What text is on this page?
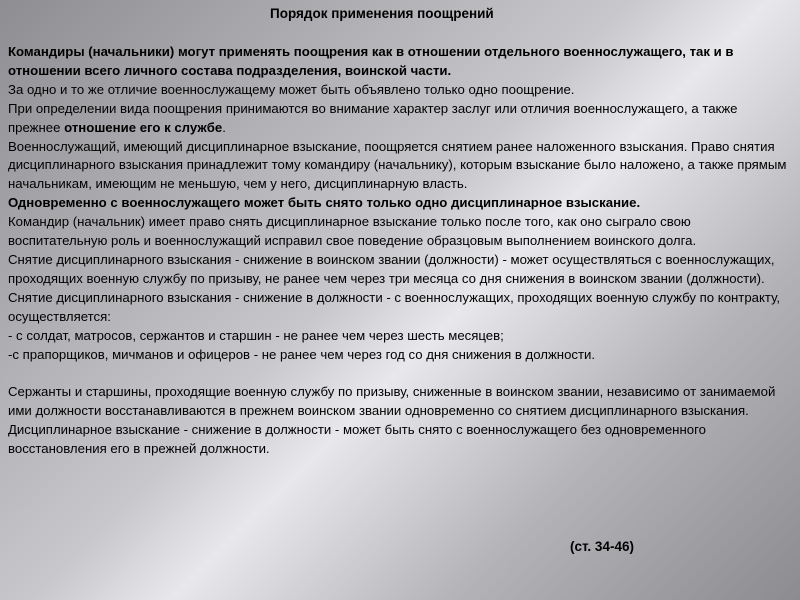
Порядок применения поощрений

Командиры (начальники) могут применять поощрения как в отношении отдельного военнослужащего, так и в отношении всего личного состава подразделения, воинской части.

За одно и то же отличие военнослужащему может быть объявлено только одно поощрение.

При определении вида поощрения принимаются во внимание характер заслуг или отличия военнослужащего, а также прежнее отношение его к службе.

Военнослужащий, имеющий дисциплинарное взыскание, поощряется снятием ранее наложенного взыскания. Право снятия дисциплинарного взыскания принадлежит тому командиру (начальнику), которым взыскание было наложено, а также прямым начальникам, имеющим не меньшую, чем у него, дисциплинарную власть.

Одновременно с военнослужащего может быть снято только одно дисциплинарное взыскание.

Командир (начальник) имеет право снять дисциплинарное взыскание только после того, как оно сыграло свою воспитательную роль и военнослужащий исправил свое поведение образцовым выполнением воинского долга.

Снятие дисциплинарного взыскания - снижение в воинском звании (должности) - может осуществляться с военнослужащих, проходящих военную службу по призыву, не ранее чем через три месяца со дня снижения в воинском звании (должности).

Снятие дисциплинарного взыскания - снижение в должности - с военнослужащих, проходящих военную службу по контракту, осуществляется:

- с солдат, матросов, сержантов и старшин - не ранее чем через шесть месяцев;

-с прапорщиков, мичманов и офицеров - не ранее чем через год со дня снижения в должности.

Сержанты и старшины, проходящие военную службу по призыву, сниженные в воинском звании, независимо от занимаемой ими должности восстанавливаются в прежнем воинском звании одновременно со снятием дисциплинарного взыскания.

Дисциплинарное взыскание - снижение в должности - может быть снято с военнослужащего без одновременного восстановления его в прежней должности.

(ст. 34-46)
